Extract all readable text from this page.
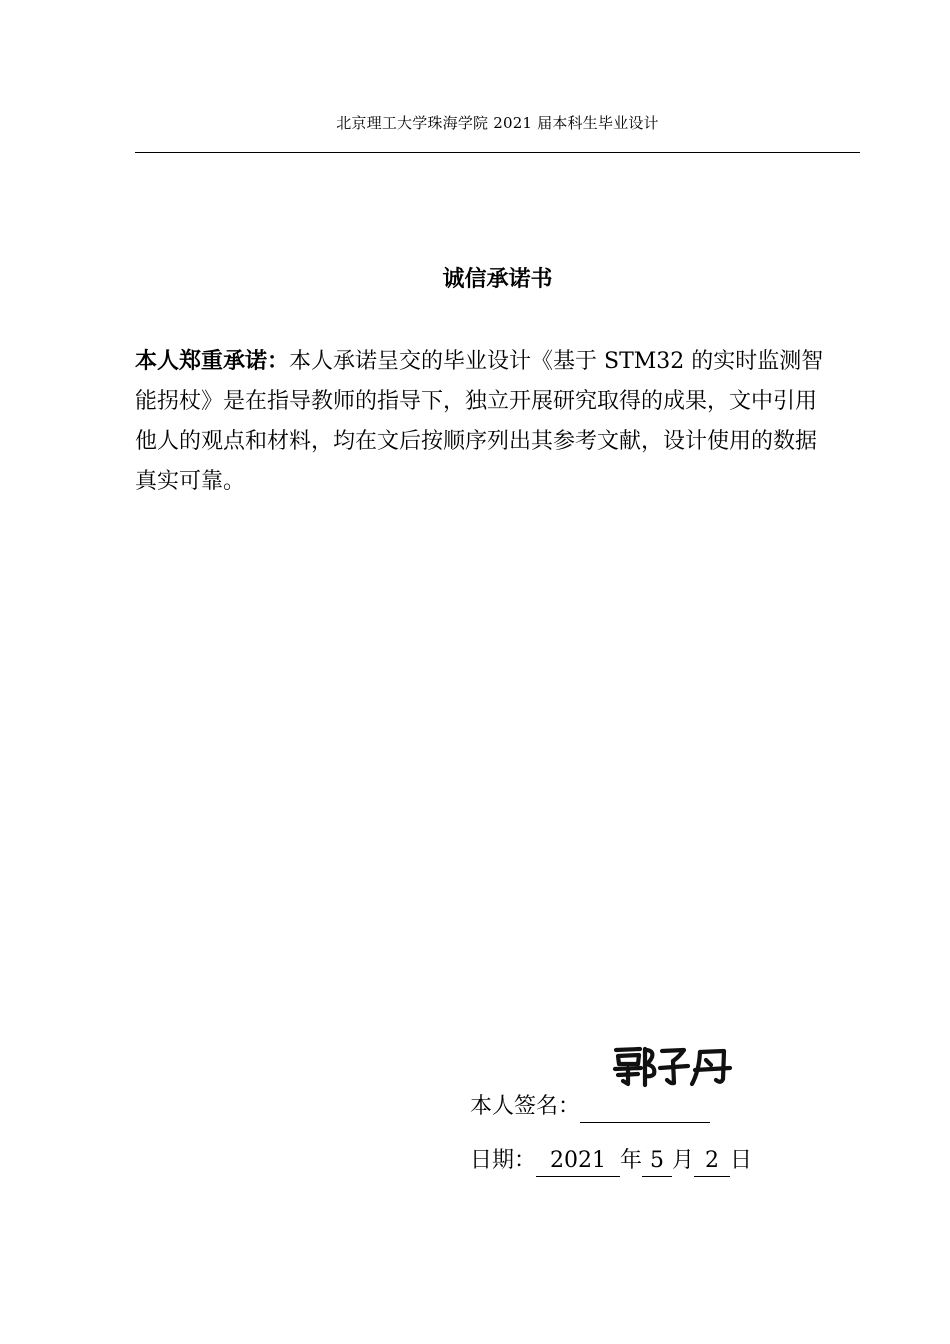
北京理工大学珠海学院 2021 届本科生毕业设计
诚信承诺书

本人郑重承诺：本人承诺呈交的毕业设计《基于 STM32 的实时监测智能拐杖》是在指导教师的指导下，独立开展研究取得的成果，文中引用他人的观点和材料，均在文后按顺序列出其参考文献，设计使用的数据真实可靠。

本人签名：
日期： 2021 年 5 月 2 日
